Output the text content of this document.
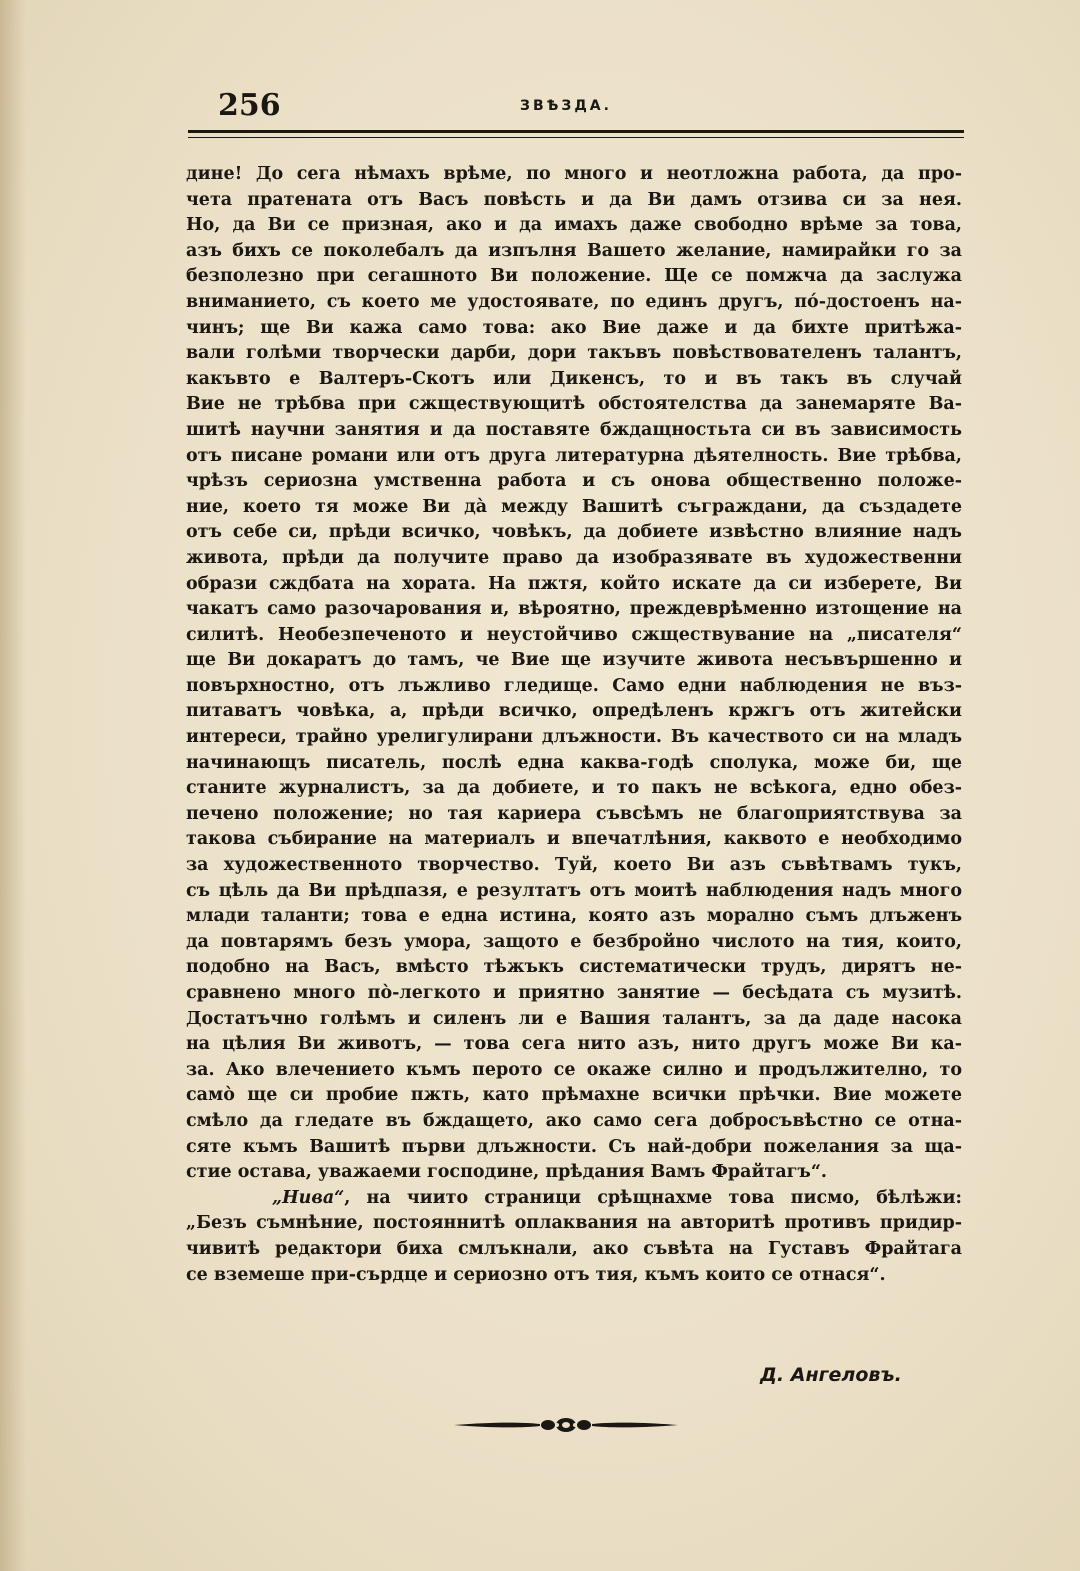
256	ЗВѢЗДА.
дине! До сега нѣмахъ врѣме, по много и неотложна работа, да про-
чета пратената отъ Васъ повѣсть и да Ви дамъ отзива си за нея.
Но, да Ви се призная, ако и да имахъ даже свободно врѣме за това,
азъ бихъ се поколебалъ да изпълня Вашето желание, намирайки го за
безполезно при сегашното Ви положение. Ще се помжча да заслужа
вниманието, съ което ме удостоявате, по единъ другъ, пó-достоенъ на-
чинъ; ще Ви кажа само това: ако Вие даже и да бихте притѣжа-
вали голѣми творчески дарби, дори такъвъ повѣствователенъ талантъ,
какъвто е Валтеръ-Скотъ или Дикенсъ, то и въ такъ въ случай
Вие не трѣбва при сжществующитѣ обстоятелства да занемаряте Ва-
шитѣ научни занятия и да поставяте бждащностьта си въ зависимость
отъ писане романи или отъ друга литературна дѣятелность. Вие трѣбва,
чрѣзъ сериозна умственна работа и съ онова общественно положе-
ние, което тя може Ви дà между Вашитѣ съграждани, да създадете
отъ себе си, прѣди всичко, човѣкъ, да добиете извѣстно влияние надъ
живота, прѣди да получите право да изобразявате въ художественни
образи сждбата на хората. На пжтя, който искате да си изберете, Ви
чакатъ само разочарования и, вѣроятно, преждеврѣменно изтощение на
силитѣ. Необезпеченото и неустойчиво сжществувание на „писателя“
ще Ви докаратъ до тамъ, че Вие ще изучите живота несъвършенно и
повърхностно, отъ лъжливо гледище. Само едни наблюдения не въз-
питаватъ човѣка, а, прѣди всичко, опредѣленъ кржгъ отъ житейски
интереси, трайно урелигулирани длъжности. Въ качеството си на младъ
начинающъ писатель, послѣ една каква-годѣ сполука, може би, ще
станите журналистъ, за да добиете, и то пакъ не всѣкога, едно обез-
печено положение; но тая кариера съвсѣмъ не благоприятствува за
такова събирание на материалъ и впечатлѣния, каквото е необходимо
за художественното творчество. Туй, което Ви азъ съвѣтвамъ тукъ,
съ цѣль да Ви прѣдпазя, е резултатъ отъ моитѣ наблюдения надъ много
млади таланти; това е една истина, която азъ морално съмъ длъженъ
да повтарямъ безъ умора, защото е безбройно числото на тия, които,
подобно на Васъ, вмѣсто тѣжъкъ систематически трудъ, дирятъ не-
сравнено много пò-легкото и приятно занятие — бесѣдата съ музитѣ.
Достатъчно голѣмъ и силенъ ли е Вашия талантъ, за да даде насока
на цѣлия Ви животъ, — това сега нито азъ, нито другъ може Ви ка-
за. Ако влечението къмъ перото се окаже силно и продължително, то
самò ще си пробие пжть, като прѣмахне всички прѣчки. Вие можете
смѣло да гледате въ бждащето, ако само сега добросъвѣстно се отна-
сяте къмъ Вашитѣ първи длъжности. Съ най-добри пожелания за ща-
стие остава, уважаеми господине, прѣдания Вамъ Фрайтагъ“.
„Нива“, на чиито страници срѣщнахме това писмо, бѣлѣжи:
„Безъ съмнѣние, постояннитѣ оплаквания на авторитѣ противъ придир-
чивитѣ редактори биха смлъкнали, ако съвѣта на Густавъ Фрайтага
се вземеше при-сърдце и сериозно отъ тия, къмъ които се отнася“.
Д. Ангеловъ.
